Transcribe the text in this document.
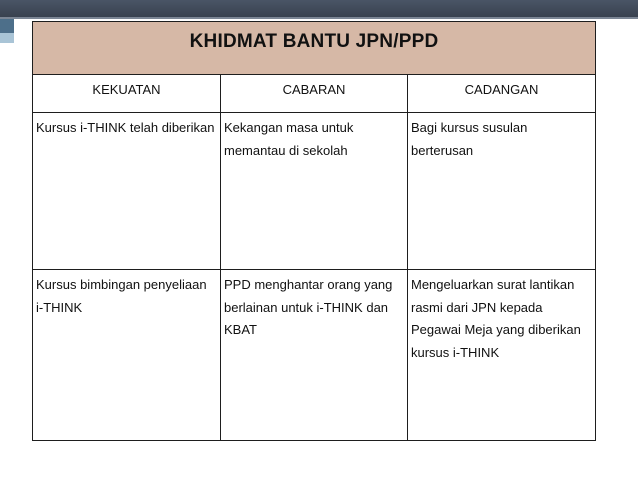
KHIDMAT BANTU JPN/PPD		

KEKUATAN	CABARAN	CADANGAN

Kursus i-THINK telah diberikan	Kekangan masa untuk memantau di sekolah	Bagi kursus susulan berterusan

Kursus bimbingan penyeliaan i-THINK	PPD menghantar orang yang berlainan untuk i-THINK dan KBAT	Mengeluarkan surat lantikan rasmi dari JPN kepada Pegawai Meja yang diberikan kursus i-THINK
